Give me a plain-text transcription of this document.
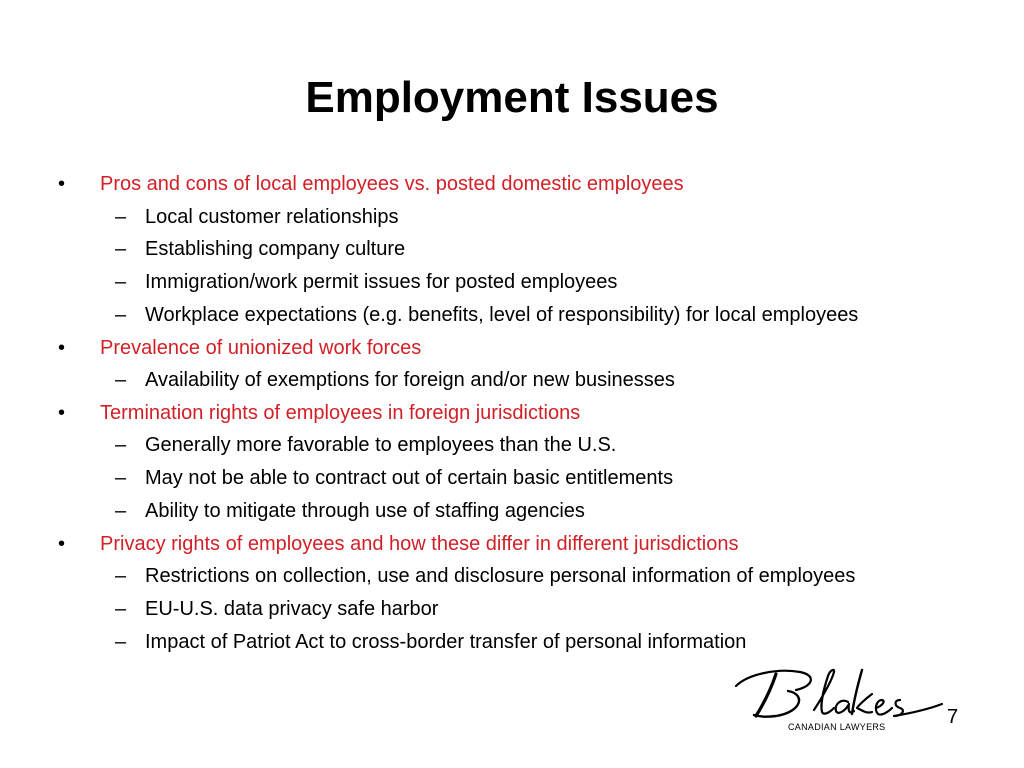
Employment Issues
• Pros and cons of local employees vs. posted domestic employees
– Local customer relationships
– Establishing company culture
– Immigration/work permit issues for posted employees
– Workplace expectations (e.g. benefits, level of responsibility) for local employees
• Prevalence of unionized work forces
– Availability of exemptions for foreign and/or new businesses
• Termination rights of employees in foreign jurisdictions
– Generally more favorable to employees than the U.S.
– May not be able to contract out of certain basic entitlements
– Ability to mitigate through use of staffing agencies
• Privacy rights of employees and how these differ in different jurisdictions
– Restrictions on collection, use and disclosure personal information of employees
– EU-U.S. data privacy safe harbor
– Impact of Patriot Act to cross-border transfer of personal information
CANADIAN LAWYERS	7
